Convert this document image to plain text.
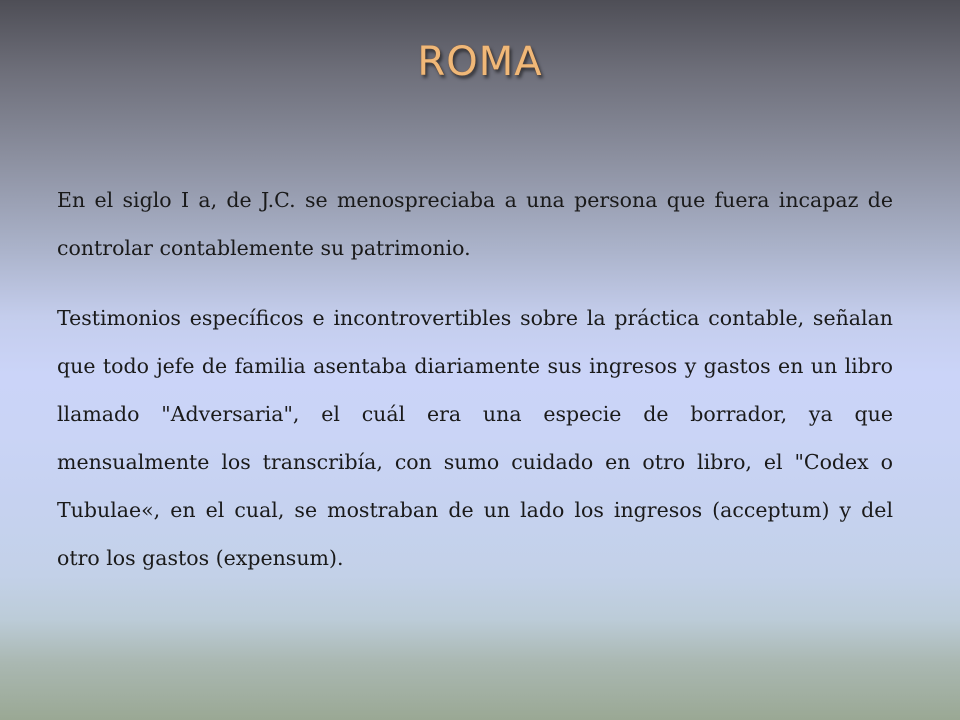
ROMA

En el siglo I a, de J.C. se menospreciaba a una persona que fuera incapaz de controlar contablemente su patrimonio.

Testimonios específicos e incontrovertibles sobre la práctica contable, señalan que todo jefe de familia asentaba diariamente sus ingresos y gastos en un libro llamado "Adversaria", el cuál era una especie de borrador, ya que mensualmente los transcribía, con sumo cuidado en otro libro, el "Codex o Tubulae«, en el cual, se mostraban de un lado los ingresos (acceptum) y del otro los gastos (expensum).
